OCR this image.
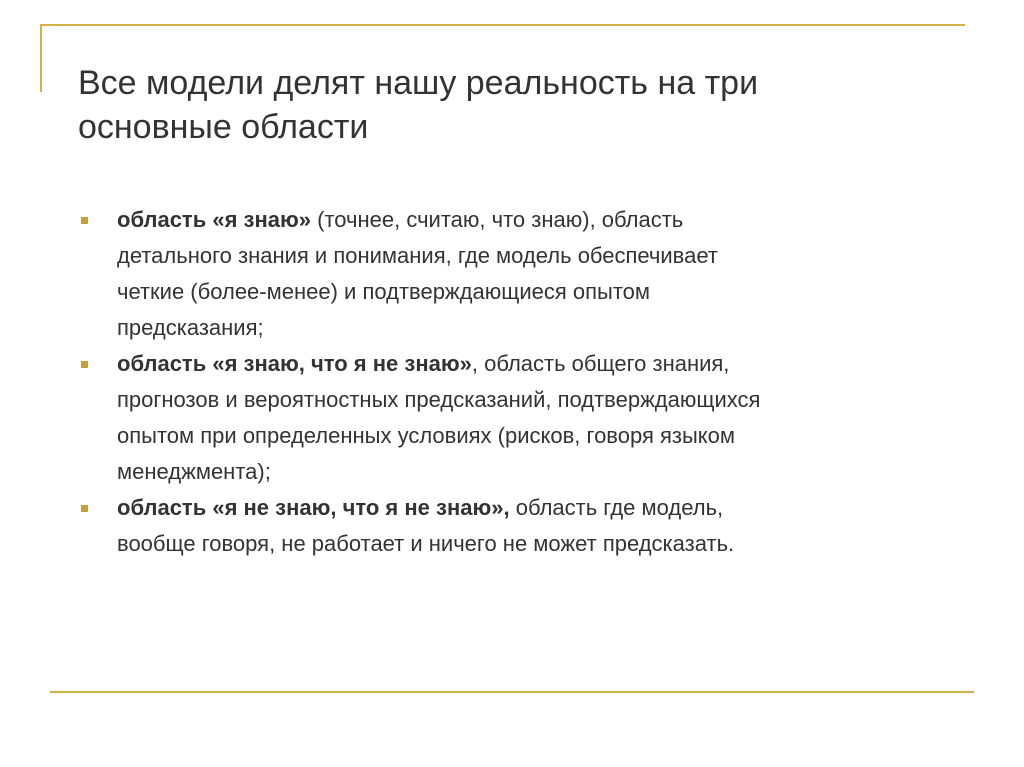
Все модели делят нашу реальность на три
основные области
область «я знаю» (точнее, считаю, что знаю), область
детального знания и понимания, где модель обеспечивает
четкие (более-менее) и подтверждающиеся опытом
предсказания;
область «я знаю, что я не знаю», область общего знания,
прогнозов и вероятностных предсказаний, подтверждающихся
опытом при определенных условиях (рисков, говоря языком
менеджмента);
область «я не знаю, что я не знаю», область где модель,
вообще говоря, не работает и ничего не может предсказать.
